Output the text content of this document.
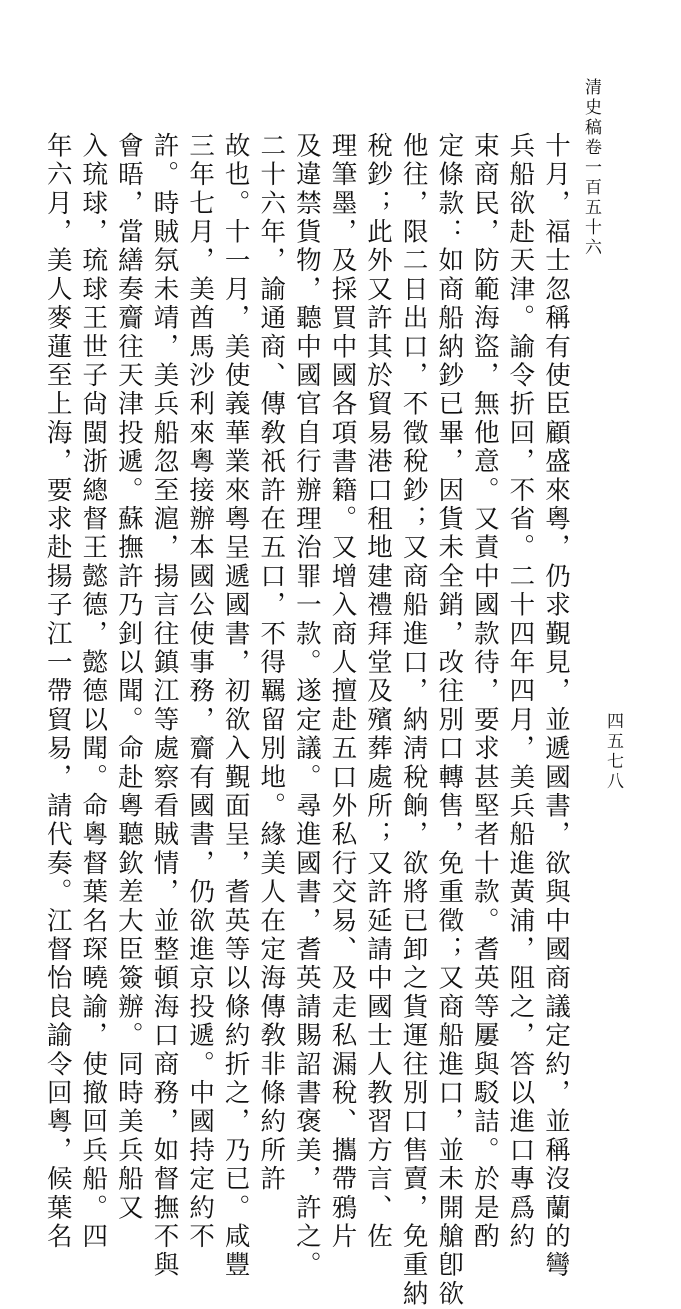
清史稿卷一百五十六
四五七八
十月，福士忽稱有使臣顧盛來粵，仍求覲見，並遞國書，欲與中國商議定約，並稱沒蘭的彎
兵船欲赴天津。諭令折回，不省。二十四年四月，美兵船進黃浦，阻之，答以進口專爲約
束商民，防範海盜，無他意。又責中國款待，要求甚堅者十款。耆英等屢與駁詰。於是酌
定條款：如商船納鈔已畢，因貨未全銷，改往別口轉售，免重徵；又商船進口，並未開艙卽欲
他往，限二日出口，不徵稅鈔；又商船進口，納淸稅餉，欲將已卸之貨運往別口售賣，免重納
稅鈔；此外又許其於貿易港口租地建禮拜堂及殯葬處所；又許延請中國士人教習方言、佐
理筆墨，及採買中國各項書籍。又增入商人擅赴五口外私行交易、及走私漏稅、攜帶鴉片
及違禁貨物，聽中國官自行辦理治罪一款。遂定議。尋進國書，耆英請賜詔書褒美，許之。
二十六年，諭通商、傳敎祇許在五口，不得羈留別地。緣美人在定海傳敎非條約所許
故也。十一月，美使義華業來粵呈遞國書，初欲入覲面呈，耆英等以條約折之，乃已。咸豐
三年七月，美酋馬沙利來粵接辦本國公使事務，齎有國書，仍欲進京投遞。中國持定約不
許。時賊氛未靖，美兵船忽至滬，揚言往鎮江等處察看賊情，並整頓海口商務，如督撫不與
會晤，當繕奏齎往天津投遞。蘇撫許乃釗以聞。命赴粵聽欽差大臣簽辦。同時美兵船又
入琉球，琉球王世子尙閩浙總督王懿德，懿德以聞。命粵督葉名琛曉諭，使撤回兵船。四
年六月，美人麥蓮至上海，要求赴揚子江一帶貿易，請代奏。江督怡良諭令回粵，候葉名
